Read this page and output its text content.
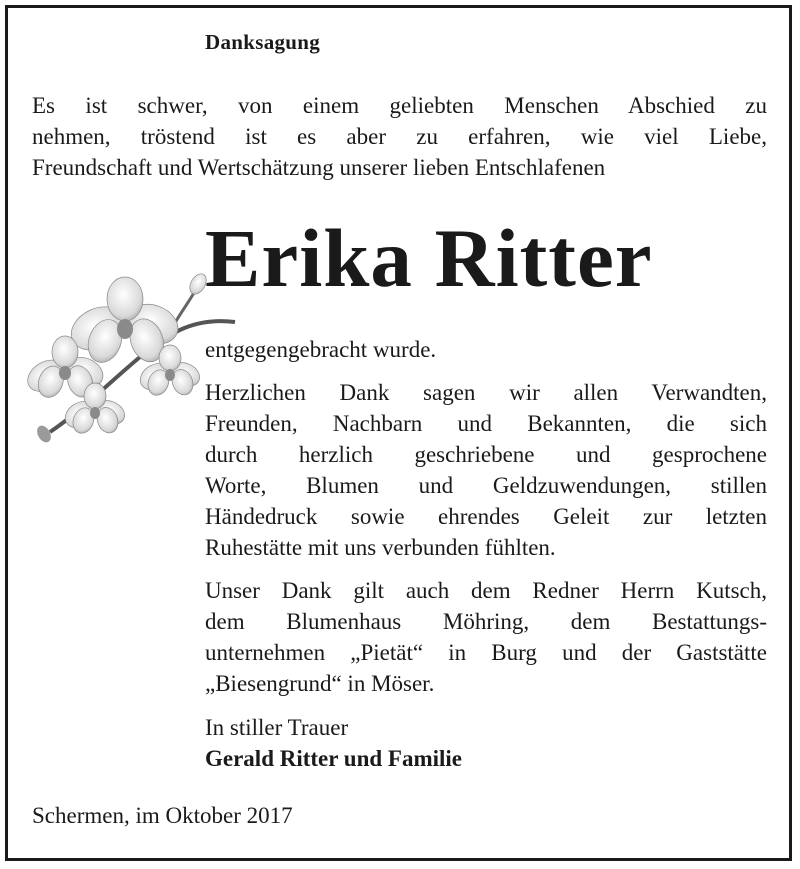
Danksagung
Es ist schwer, von einem geliebten Menschen Abschied zu
nehmen, tröstend ist es aber zu erfahren, wie viel Liebe,
Freundschaft und Wertschätzung unserer lieben Entschlafenen
Erika Ritter
entgegengebracht wurde.
Herzlichen Dank sagen wir allen Verwandten,
Freunden, Nachbarn und Bekannten, die sich
durch herzlich geschriebene und gesprochene
Worte, Blumen und Geldzuwendungen, stillen
Händedruck sowie ehrendes Geleit zur letzten
Ruhestätte mit uns verbunden fühlten.
Unser Dank gilt auch dem Redner Herrn Kutsch,
dem Blumenhaus Möhring, dem Bestattungs-
unternehmen „Pietät“ in Burg und der Gaststätte
„Biesengrund“ in Möser.
In stiller Trauer
Gerald Ritter und Familie
Schermen, im Oktober 2017
